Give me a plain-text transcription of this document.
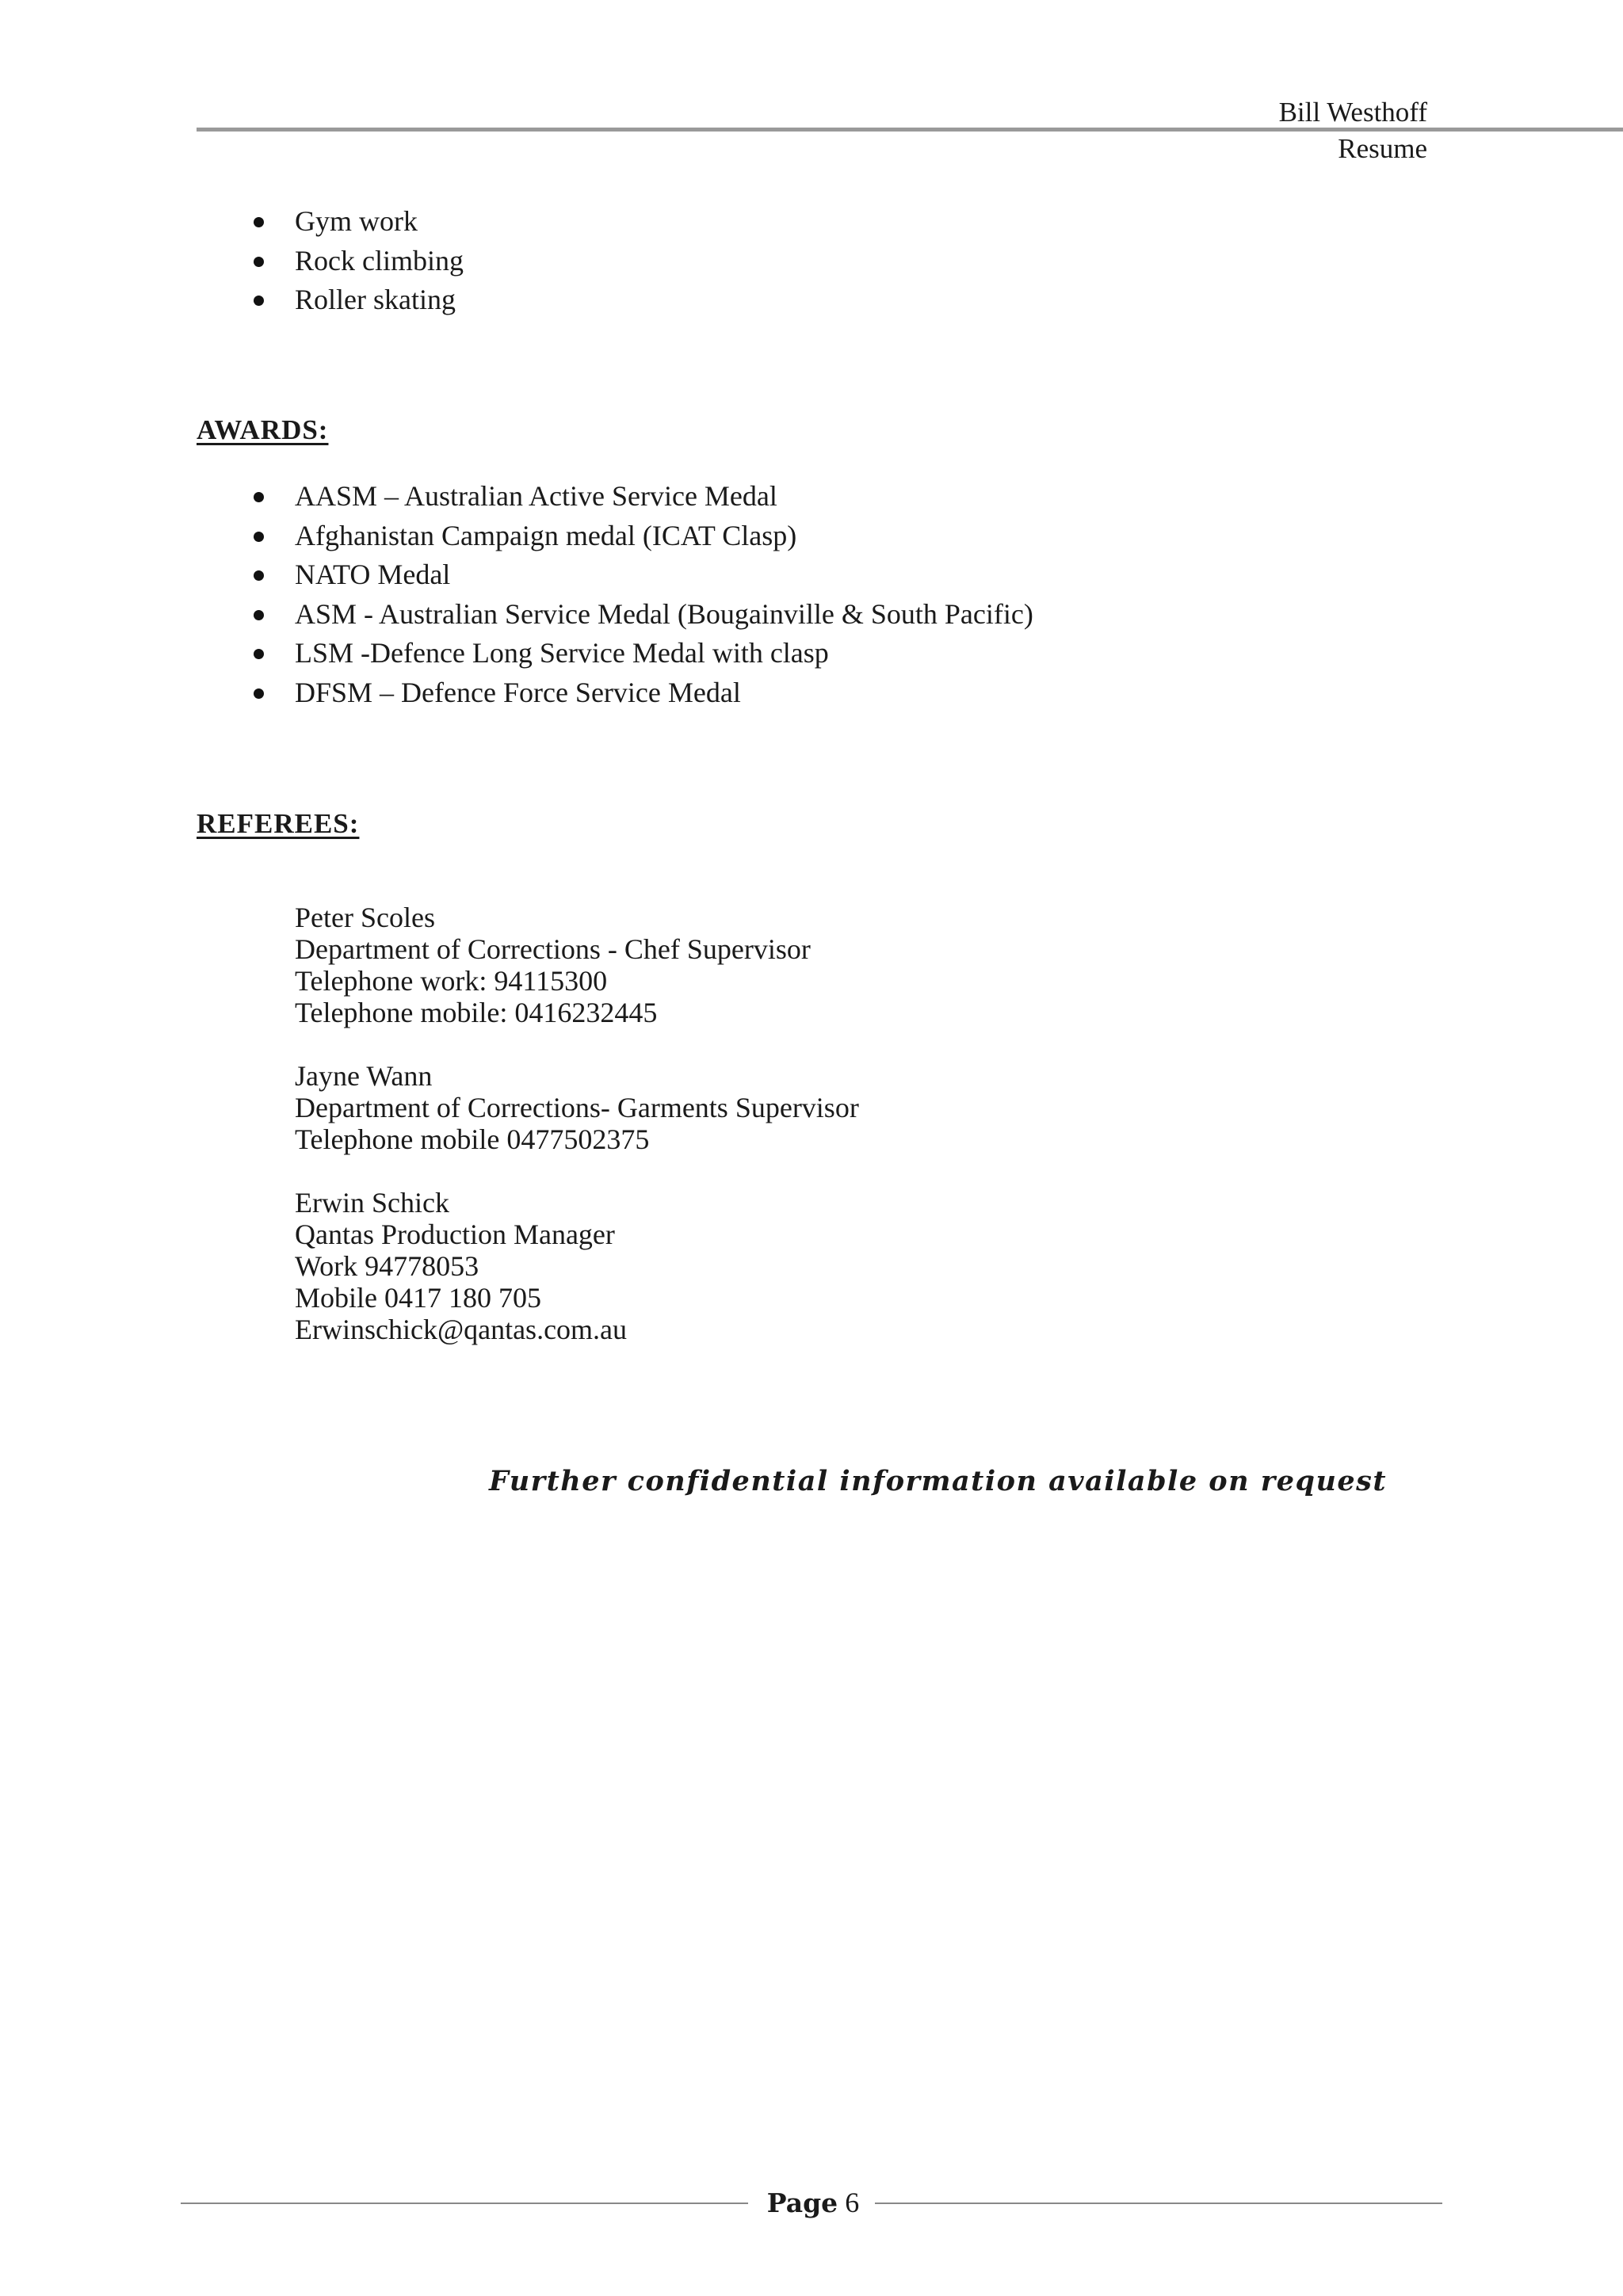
Bill Westhoff
Resume
Gym work
Rock climbing
Roller skating
AWARDS:
AASM – Australian Active Service Medal
Afghanistan Campaign medal (ICAT Clasp)
NATO Medal
ASM - Australian Service Medal (Bougainville & South Pacific)
LSM -Defence Long Service Medal with clasp
DFSM – Defence Force Service Medal
REFEREES:
Peter Scoles
Department of Corrections - Chef Supervisor
Telephone work: 94115300
Telephone mobile: 0416232445
Jayne Wann
Department of Corrections- Garments Supervisor
Telephone mobile 0477502375
Erwin Schick
Qantas Production Manager
Work 94778053
Mobile 0417 180 705
Erwinschick@qantas.com.au
Further confidential information available on request
Page 6
